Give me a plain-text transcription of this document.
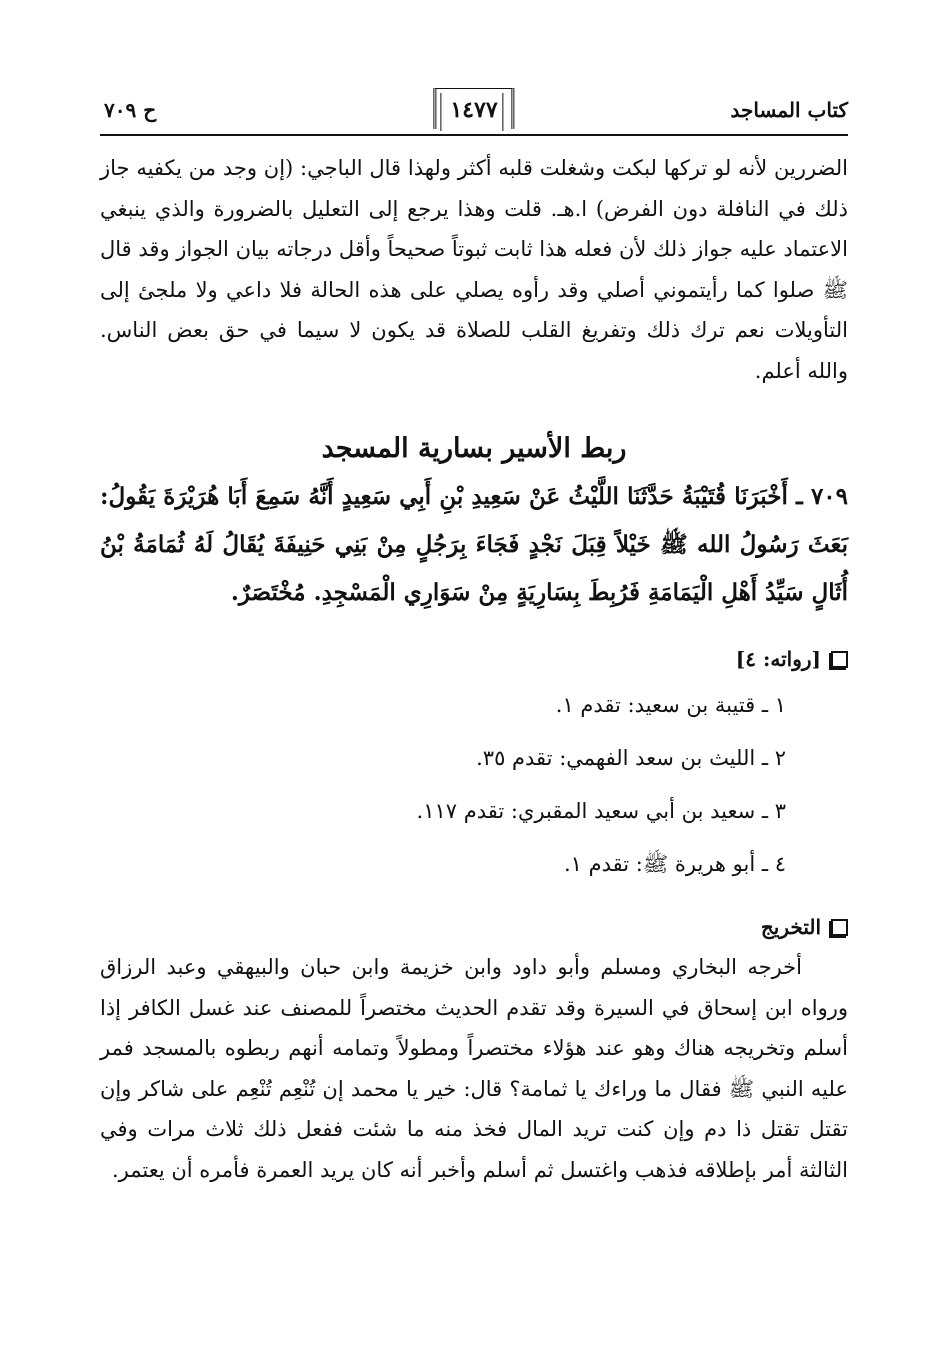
كتاب المساجد
١٤٧٧
ح ٧٠٩

الضررين لأنه لو تركها لبكت وشغلت قلبه أكثر ولهذا قال الباجي: (إن وجد من يكفيه جاز ذلك في النافلة دون الفرض) ا.هـ. قلت وهذا يرجع إلى التعليل بالضرورة والذي ينبغي الاعتماد عليه جواز ذلك لأن فعله هذا ثابت ثبوتاً صحيحاً وأقل درجاته بيان الجواز وقد قال ﷺ صلوا كما رأيتموني أصلي وقد رأوه يصلي على هذه الحالة فلا داعي ولا ملجئ إلى التأويلات نعم ترك ذلك وتفريغ القلب للصلاة قد يكون لا سيما في حق بعض الناس. والله أعلم.

ربط الأسير بسارية المسجد

٧٠٩ ـ أَخْبَرَنَا قُتَيْبَةُ حَدَّثَنَا اللَّيْثُ عَنْ سَعِيدِ بْنِ أَبِي سَعِيدٍ أَنَّهُ سَمِعَ أَبَا هُرَيْرَةَ يَقُولُ: بَعَثَ رَسُولُ الله ﷺ خَيْلاً قِبَلَ نَجْدٍ فَجَاءَ بِرَجُلٍ مِنْ بَنِي حَنِيفَةَ يُقَالُ لَهُ ثُمَامَةُ بْنُ أُثَالٍ سَيِّدُ أَهْلِ الْيَمَامَةِ فَرُبِطَ بِسَارِيَةٍ مِنْ سَوَارِي الْمَسْجِدِ. مُخْتَصَرٌ.

[رواته: ٤]
١ ـ قتيبة بن سعيد: تقدم ١.
٢ ـ الليث بن سعد الفهمي: تقدم ٣٥.
٣ ـ سعيد بن أبي سعيد المقبري: تقدم ١١٧.
٤ ـ أبو هريرة ﷺ: تقدم ١.
التخريج

أخرجه البخاري ومسلم وأبو داود وابن خزيمة وابن حبان والبيهقي وعبد الرزاق ورواه ابن إسحاق في السيرة وقد تقدم الحديث مختصراً للمصنف عند غسل الكافر إذا أسلم وتخريجه هناك وهو عند هؤلاء مختصراً ومطولاً وتمامه أنهم ربطوه بالمسجد فمر عليه النبي ﷺ فقال ما وراءك يا ثمامة؟ قال: خير يا محمد إن تُنْعِم تُنْعِم على شاكر وإن تقتل تقتل ذا دم وإن كنت تريد المال فخذ منه ما شئت ففعل ذلك ثلاث مرات وفي الثالثة أمر بإطلاقه فذهب واغتسل ثم أسلم وأخبر أنه كان يريد العمرة فأمره أن يعتمر.
